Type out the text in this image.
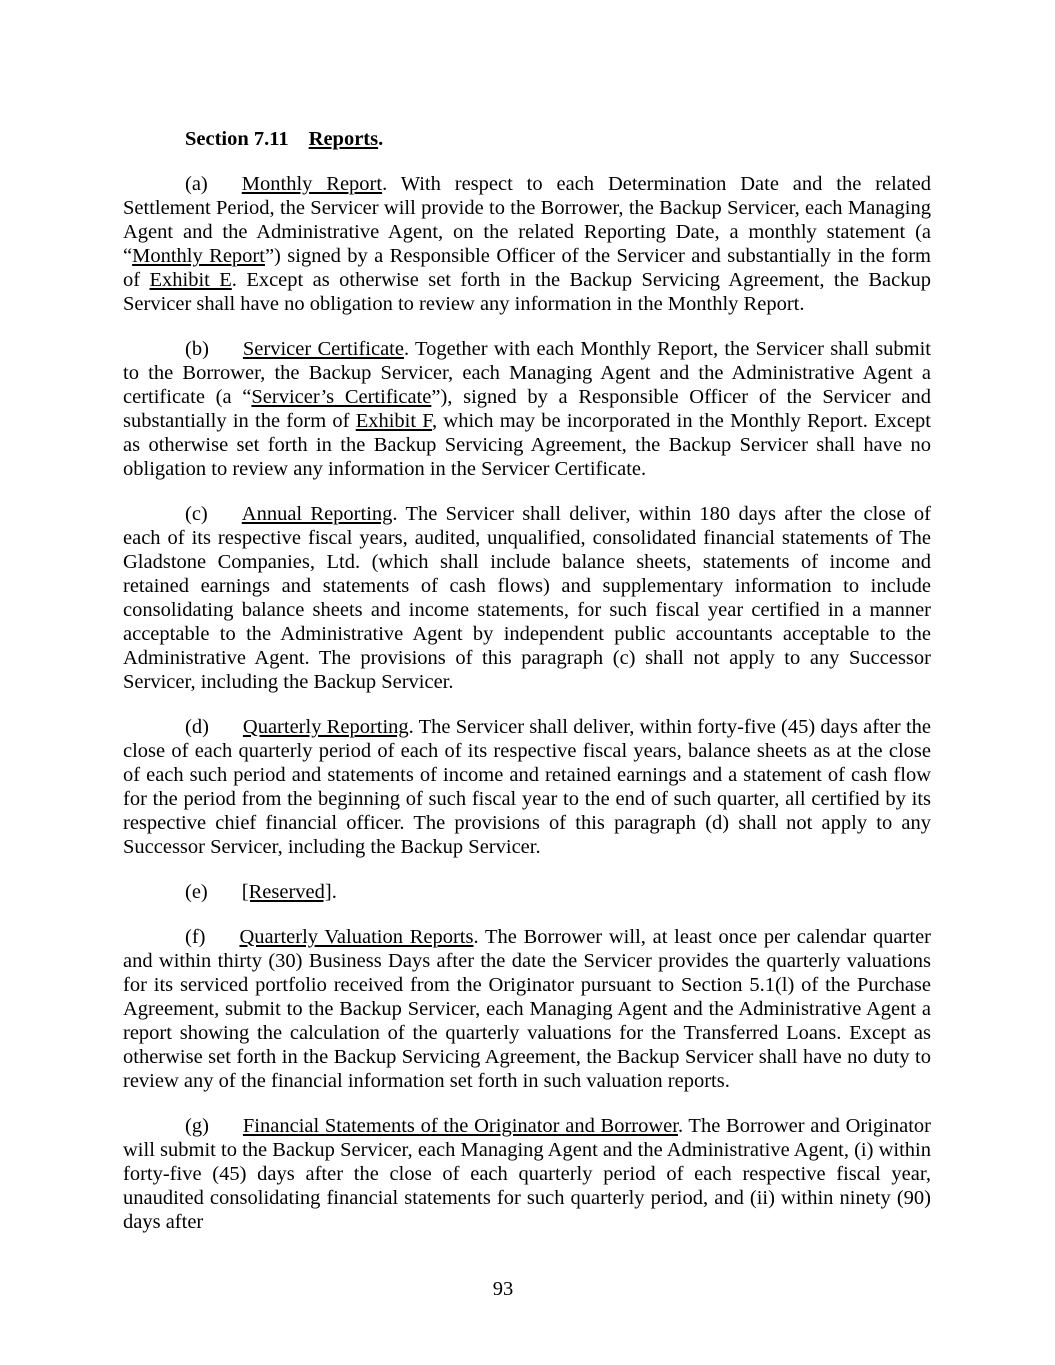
Section 7.11 Reports.

(a) Monthly Report. With respect to each Determination Date and the related Settlement Period, the Servicer will provide to the Borrower, the Backup Servicer, each Managing Agent and the Administrative Agent, on the related Reporting Date, a monthly statement (a “Monthly Report”) signed by a Responsible Officer of the Servicer and substantially in the form of Exhibit E. Except as otherwise set forth in the Backup Servicing Agreement, the Backup Servicer shall have no obligation to review any information in the Monthly Report.

(b) Servicer Certificate. Together with each Monthly Report, the Servicer shall submit to the Borrower, the Backup Servicer, each Managing Agent and the Administrative Agent a certificate (a “Servicer’s Certificate”), signed by a Responsible Officer of the Servicer and substantially in the form of Exhibit F, which may be incorporated in the Monthly Report. Except as otherwise set forth in the Backup Servicing Agreement, the Backup Servicer shall have no obligation to review any information in the Servicer Certificate.

(c) Annual Reporting. The Servicer shall deliver, within 180 days after the close of each of its respective fiscal years, audited, unqualified, consolidated financial statements of The Gladstone Companies, Ltd. (which shall include balance sheets, statements of income and retained earnings and statements of cash flows) and supplementary information to include consolidating balance sheets and income statements, for such fiscal year certified in a manner acceptable to the Administrative Agent by independent public accountants acceptable to the Administrative Agent. The provisions of this paragraph (c) shall not apply to any Successor Servicer, including the Backup Servicer.

(d) Quarterly Reporting. The Servicer shall deliver, within forty-five (45) days after the close of each quarterly period of each of its respective fiscal years, balance sheets as at the close of each such period and statements of income and retained earnings and a statement of cash flow for the period from the beginning of such fiscal year to the end of such quarter, all certified by its respective chief financial officer. The provisions of this paragraph (d) shall not apply to any Successor Servicer, including the Backup Servicer.

(e) [Reserved].

(f) Quarterly Valuation Reports. The Borrower will, at least once per calendar quarter and within thirty (30) Business Days after the date the Servicer provides the quarterly valuations for its serviced portfolio received from the Originator pursuant to Section 5.1(l) of the Purchase Agreement, submit to the Backup Servicer, each Managing Agent and the Administrative Agent a report showing the calculation of the quarterly valuations for the Transferred Loans. Except as otherwise set forth in the Backup Servicing Agreement, the Backup Servicer shall have no duty to review any of the financial information set forth in such valuation reports.

(g) Financial Statements of the Originator and Borrower. The Borrower and Originator will submit to the Backup Servicer, each Managing Agent and the Administrative Agent, (i) within forty-five (45) days after the close of each quarterly period of each respective fiscal year, unaudited consolidating financial statements for such quarterly period, and (ii) within ninety (90) days after

93
